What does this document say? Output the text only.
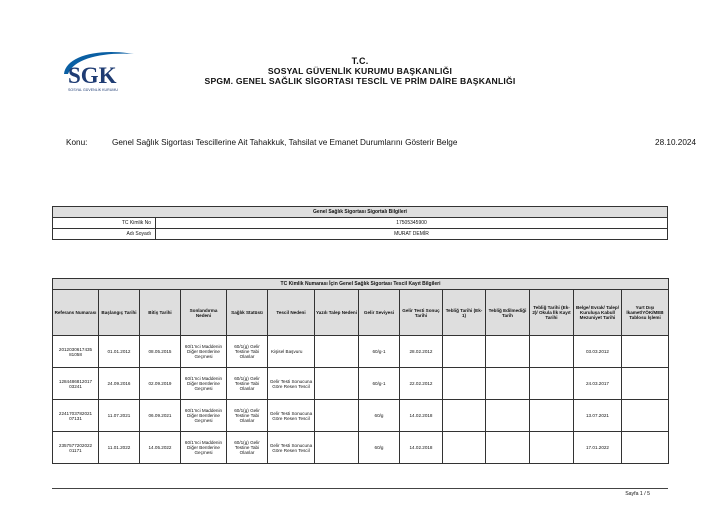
SGK
SOSYAL GÜVENLİK KURUMU
T.C.
SOSYAL GÜVENLİK KURUMU BAŞKANLIĞI
SPGM. GENEL SAĞLIK SİGORTASI TESCİL VE PRİM DAİRE BAŞKANLIĞI
Konu:	Genel Sağlık Sigortası Tescillerine Ait Tahakkuk, Tahsilat ve Emanet Durumlarını Gösterir Belge	28.10.2024
Genel Sağlık Sigortası Sigortalı Bilgileri	
TC Kimlik No	17505345900
Adı Soyadı	MURAT DEMİR
TC Kimlik Numarası İçin Genel Sağlık Sigortası Tescil Kayıt Bilgileri													
Referans Numarası	Başlangıç Tarihi	Bitiş Tarihi	Sonlandırma Nedeni	Sağlık Statüsü	Tescil Nedeni	Yazılı Talep Nedeni	Gelir Seviyesi	Gelir Testi Sonuç Tarihi	Tebliğ Tarihi (Ek-1)	Tebliğ Edilmediği Tarih	Tebliğ Tarihi (Ek-2)/ Okula İlk Kayıt Tarihi	Belge/ Evrak/ Talep/ Kuruluşa Kabul/ Mezuniyet Tarihi	Yurt Dışı İkamet/YÖK/MEB Tablosu İşlemi
2012030617435 81058	01.01.2012	08.05.2015	60/1'nci Maddenin Diğer Bentlerine Geçmesi	60/1(g) Gelir Testine Tabi Olanlar	Kişisel Başvuru		60/g-1	28.02.2012				03.03.2012	
1284486812017 03241	24.09.2016	02.09.2019	60/1'nci Maddenin Diğer Bentlerine Geçmesi	60/1(g) Gelir Testine Tabi Olanlar	Gelir Testi Sonucuna Göre Resen Tescil		60/g-1	22.02.2012				24.03.2017	
2241703782021 07131	11.07.2021	06.09.2021	60/1'nci Maddenin Diğer Bentlerine Geçmesi	60/1(g) Gelir Testine Tabi Olanlar	Gelir Testi Sonucuna Göre Resen Tescil		60/g	14.02.2018				13.07.2021	
2357577202022 01171	11.01.2022	14.05.2022	60/1'nci Maddenin Diğer Bentlerine Geçmesi	60/1(g) Gelir Testine Tabi Olanlar	Gelir Testi Sonucuna Göre Resen Tescil		60/g	14.02.2018				17.01.2022	
Sayfa 1 / 5
